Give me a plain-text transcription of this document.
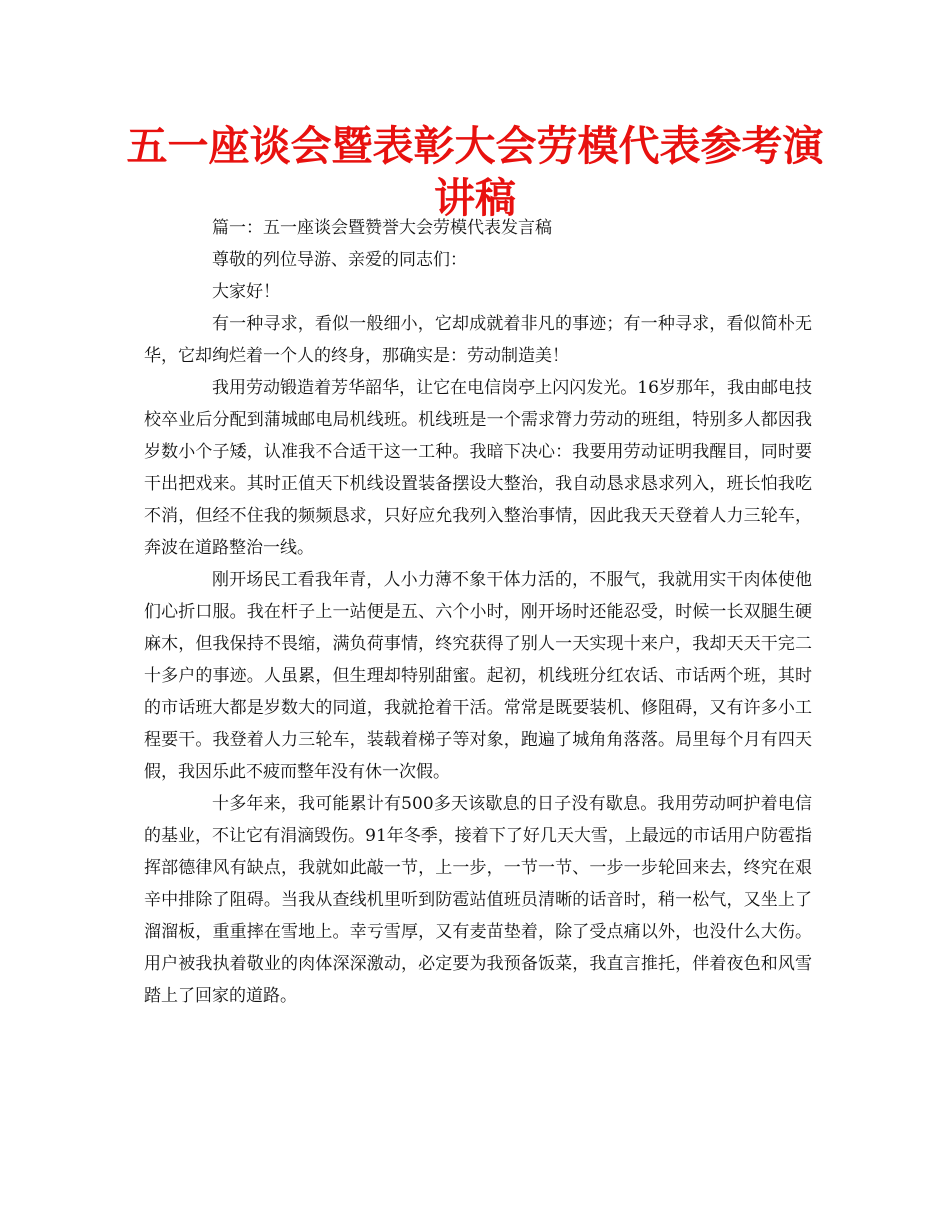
五一座谈会暨表彰大会劳模代表参考演讲稿

篇一：五一座谈会暨赞誉大会劳模代表发言稿

尊敬的列位导游、亲爱的同志们：

大家好！

有一种寻求，看似一般细小，它却成就着非凡的事迹；有一种寻求，看似简朴无华，它却绚烂着一个人的终身，那确实是：劳动制造美！

我用劳动锻造着芳华韶华，让它在电信岗亭上闪闪发光。16岁那年，我由邮电技校卒业后分配到蒲城邮电局机线班。机线班是一个需求膂力劳动的班组，特别多人都因我岁数小个子矮，认准我不合适干这一工种。我暗下决心：我要用劳动证明我醒目，同时要干出把戏来。其时正值天下机线设置装备摆设大整治，我自动恳求恳求列入，班长怕我吃不消，但经不住我的频频恳求，只好应允我列入整治事情，因此我天天登着人力三轮车，奔波在道路整治一线。

刚开场民工看我年青，人小力薄不象干体力活的，不服气，我就用实干肉体使他们心折口服。我在杆子上一站便是五、六个小时，刚开场时还能忍受，时候一长双腿生硬麻木，但我保持不畏缩，满负荷事情，终究获得了别人一天实现十来户，我却天天干完二十多户的事迹。人虽累，但生理却特别甜蜜。起初，机线班分红农话、市话两个班，其时的市话班大都是岁数大的同道，我就抢着干活。常常是既要装机、修阻碍，又有许多小工程要干。我登着人力三轮车，装载着梯子等对象，跑遍了城角角落落。局里每个月有四天假，我因乐此不疲而整年没有休一次假。

十多年来，我可能累计有500多天该歇息的日子没有歇息。我用劳动呵护着电信的基业，不让它有涓滴毁伤。91年冬季，接着下了好几天大雪，上最远的市话用户防雹指挥部德律风有缺点，我就如此敲一节，上一步，一节一节、一步一步轮回来去，终究在艰辛中排除了阻碍。当我从查线机里听到防雹站值班员清晰的话音时，稍一松气，又坐上了溜溜板，重重摔在雪地上。幸亏雪厚，又有麦苗垫着，除了受点痛以外，也没什么大伤。用户被我执着敬业的肉体深深激动，必定要为我预备饭菜，我直言推托，伴着夜色和风雪踏上了回家的道路。
